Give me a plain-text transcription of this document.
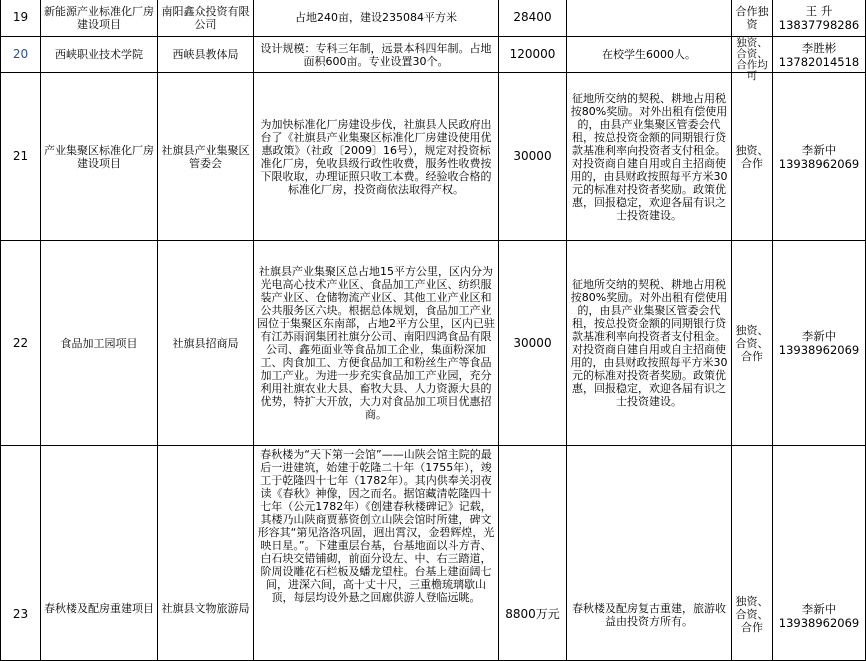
19	新能源产业标准化厂房建设项目	南阳鑫众投资有限公司	占地240亩，建设235084平方米	28400		合作独资	王 升
13837798286

20	西峡职业技术学院	西峡县教体局	设计规模：专科三年制，远景本科四年制。占地面积600亩。专业设置30个。	120000	在校学生6000人。	独资、合资、合作均可	李胜彬
13782014518

21	产业集聚区标准化厂房建设项目	社旗县产业集聚区管委会	为加快标准化厂房建设步伐，社旗县人民政府出台了《社旗县产业集聚区标准化厂房建设使用优惠政策》（社政〔2009〕16号），规定对投资标准化厂房，免收县级行政性收费，服务性收费按下限收取，办理证照只收工本费。经验收合格的标准化厂房，投资商依法取得产权。	30000	征地所交纳的契税、耕地占用税按80%奖励。对外出租有偿使用的，由县产业集聚区管委会代租，按总投资金额的同期银行贷款基准利率向投资者支付租金。对投资商自建自用或自主招商使用的，由县财政按照每平方米30元的标准对投资者奖励。政策优惠，回报稳定，欢迎各届有识之士投资建设。	独资、合作	李新中
13938962069

22	食品加工园项目	社旗县招商局	社旗县产业集聚区总占地15平方公里，区内分为光电高心技术产业区、食品加工产业区、纺织服装产业区、仓储物流产业区、其他工业产业区和公共服务区六块。根据总体规划，食品加工产业园位于集聚区东南部，占地2平方公里，区内已驻有江苏雨润集团社旗分公司、南阳四鸿食品有限公司、鑫苑面业等食品加工企业，集面粉深加工、肉食加工、方便食品加工和粉丝生产等食品加工产业。为进一步充实食品加工产业园，充分利用社旗农业大县、畜牧大县、人力资源大县的优势，特扩大开放，大力对食品加工项目优惠招商。	30000	征地所交纳的契税、耕地占用税按80%奖励。对外出租有偿使用的，由县产业集聚区管委会代租，按总投资金额的同期银行贷款基准利率向投资者支付租金。对投资商自建自用或自主招商使用的，由县财政按照每平方米30元的标准对投资者奖励。政策优惠，回报稳定，欢迎各届有识之士投资建设。	独资、合资、合作	李新中
13938962069

23	春秋楼及配房重建项目	社旗县文物旅游局	春秋楼为“天下第一会馆”——山陕会馆主院的最后一进建筑，始建于乾隆二十年（1755年），竣工于乾隆四十七年（1782年）。其内供奉关羽夜读《春秋》神像，因之而名。据馆藏清乾隆四十七年（公元1782年）《创建春秋楼碑记》记载，其楼乃山陕商贾慕资创立山陕会馆时所建，碑文形容其“第见洛洛巩固，迥出霄汉，金碧辉煌，光映日星。”。下建重层台基，台基地面以斗方青、白石块交错铺砌，前面分设左、中、右三踏道，阶周设雕花石栏板及蟠龙望柱。台基上建面阔七间，进深六间，高十丈十尺，三重檐琉璃歇山顶，每层均设外悬之回廊供游人登临远眺。	8800万元	春秋楼及配房复古重建，旅游收益由投资方所有。	独资、合资、合作	李新中
13938962069
